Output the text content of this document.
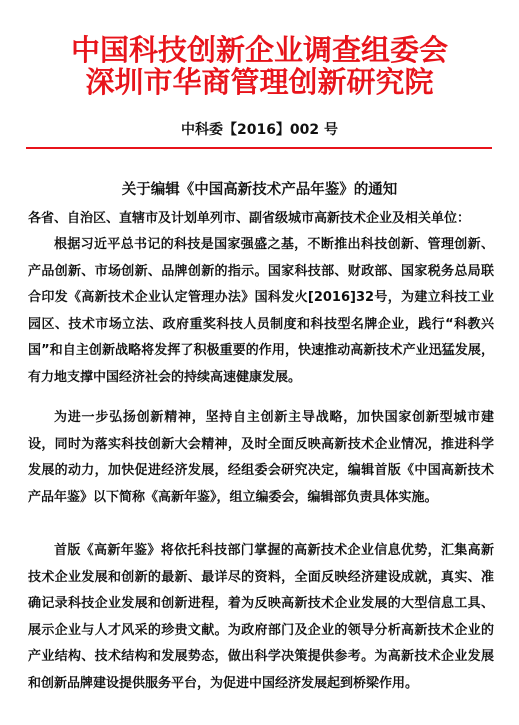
中国科技创新企业调查组委会
深圳市华商管理创新研究院
中科委【2016】002 号
关于编辑《中国高新技术产品年鉴》的通知
各省、自治区、直辖市及计划单列市、副省级城市高新技术企业及相关单位：

根据习近平总书记的科技是国家强盛之基，不断推出科技创新、管理创新、产品创新、市场创新、品牌创新的指示。国家科技部、财政部、国家税务总局联合印发《高新技术企业认定管理办法》国科发火[2016]32号，为建立科技工业园区、技术市场立法、政府重奖科技人员制度和科技型名牌企业，践行“科教兴国”和自主创新战略将发挥了积极重要的作用，快速推动高新技术产业迅猛发展，有力地支撑中国经济社会的持续高速健康发展。

为进一步弘扬创新精神，坚持自主创新主导战略，加快国家创新型城市建设，同时为落实科技创新大会精神，及时全面反映高新技术企业情况，推进科学发展的动力，加快促进经济发展，经组委会研究决定，编辑首版《中国高新技术产品年鉴》以下简称《高新年鉴》，组立编委会，编辑部负责具体实施。

首版《高新年鉴》将依托科技部门掌握的高新技术企业信息优势，汇集高新技术企业发展和创新的最新、最详尽的资料，全面反映经济建设成就，真实、准确记录科技企业发展和创新进程，着为反映高新技术企业发展的大型信息工具、展示企业与人才风采的珍贵文献。为政府部门及企业的领导分析高新技术企业的产业结构、技术结构和发展势态，做出科学决策提供参考。为高新技术企业发展和创新品牌建设提供服务平台，为促进中国经济发展起到桥梁作用。
